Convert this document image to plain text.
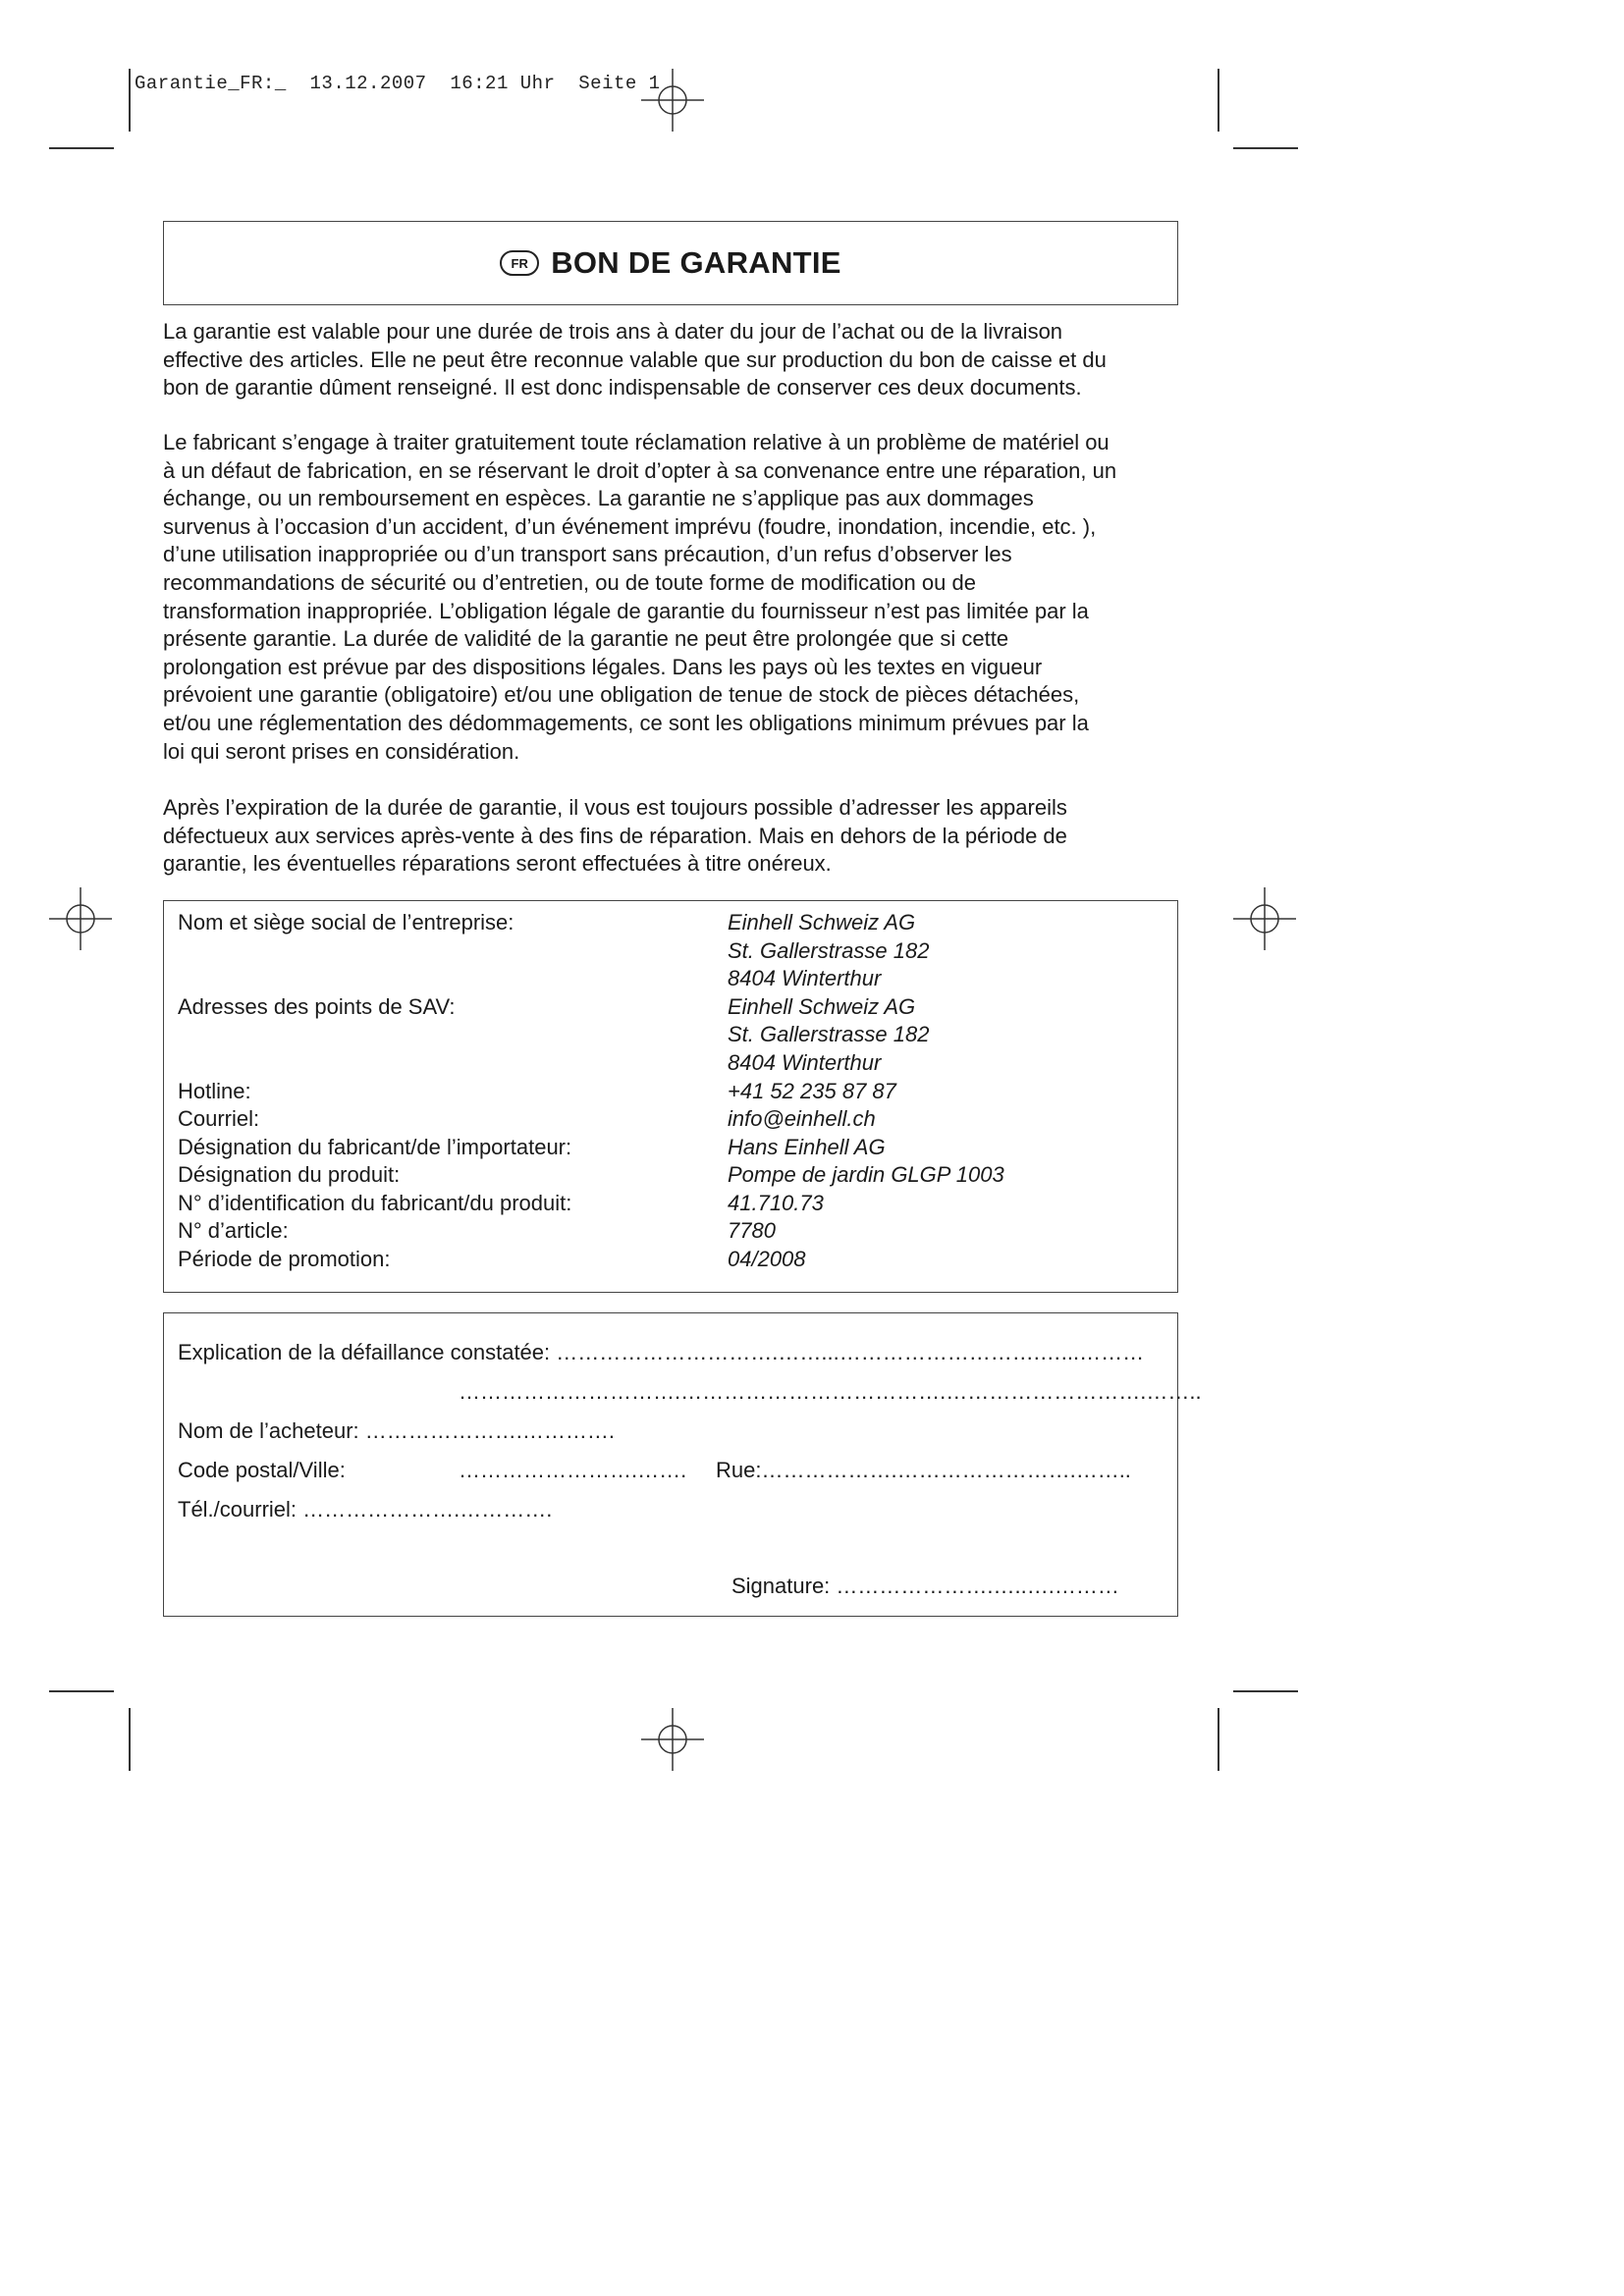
Garantie_FR:_  13.12.2007  16:21 Uhr  Seite 1
FR BON DE GARANTIE

La garantie est valable pour une durée de trois ans à dater du jour de l’achat ou de la livraison
effective des articles. Elle ne peut être reconnue valable que sur production du bon de caisse et du
bon de garantie dûment renseigné. Il est donc indispensable de conserver ces deux documents.

Le fabricant s’engage à traiter gratuitement toute réclamation relative à un problème de matériel ou
à un défaut de fabrication, en se réservant le droit d’opter à sa convenance entre une réparation, un
échange, ou un remboursement en espèces. La garantie ne s’applique pas aux dommages
survenus à l’occasion d’un accident, d’un événement imprévu (foudre, inondation, incendie, etc. ),
d’une utilisation inappropriée ou d’un transport sans précaution, d’un refus d’observer les
recommandations de sécurité ou d’entretien, ou de toute forme de modification ou de
transformation inappropriée. L’obligation légale de garantie du fournisseur n’est pas limitée par la
présente garantie. La durée de validité de la garantie ne peut être prolongée que si cette
prolongation est prévue par des dispositions légales. Dans les pays où les textes en vigueur
prévoient une garantie (obligatoire) et/ou une obligation de tenue de stock de pièces détachées,
et/ou une réglementation des dédommagements, ce sont les obligations minimum prévues par la
loi qui seront prises en considération.

Après l’expiration de la durée de garantie, il vous est toujours possible d’adresser les appareils
défectueux aux services après-vente à des fins de réparation. Mais en dehors de la période de
garantie, les éventuelles réparations seront effectuées à titre onéreux.

Nom et siège social de l’entreprise:	Einhell Schweiz AG
St. Gallerstrasse 182
8404 Winterthur
Adresses des points de SAV:	Einhell Schweiz AG
St. Gallerstrasse 182
8404 Winterthur
Hotline:	+41 52 235 87 87
Courriel:	info@einhell.ch
Désignation du fabricant/de l’importateur:	Hans Einhell AG
Désignation du produit:	Pompe de jardin GLGP 1003
N° d’identification du fabricant/du produit:	41.710.73
N° d’article:	7780
Période de promotion:	04/2008
Explication de la défaillance constatée: ………………………….……...……………………….…...………
………………………….……………………………….……………………….……..
Nom de l’acheteur: ………………….………….
Code postal/Ville:	…………………….……. Rue:……………….…………………….……..
Tél./courriel: ………………….………….
Signature: ………………….…..….………
